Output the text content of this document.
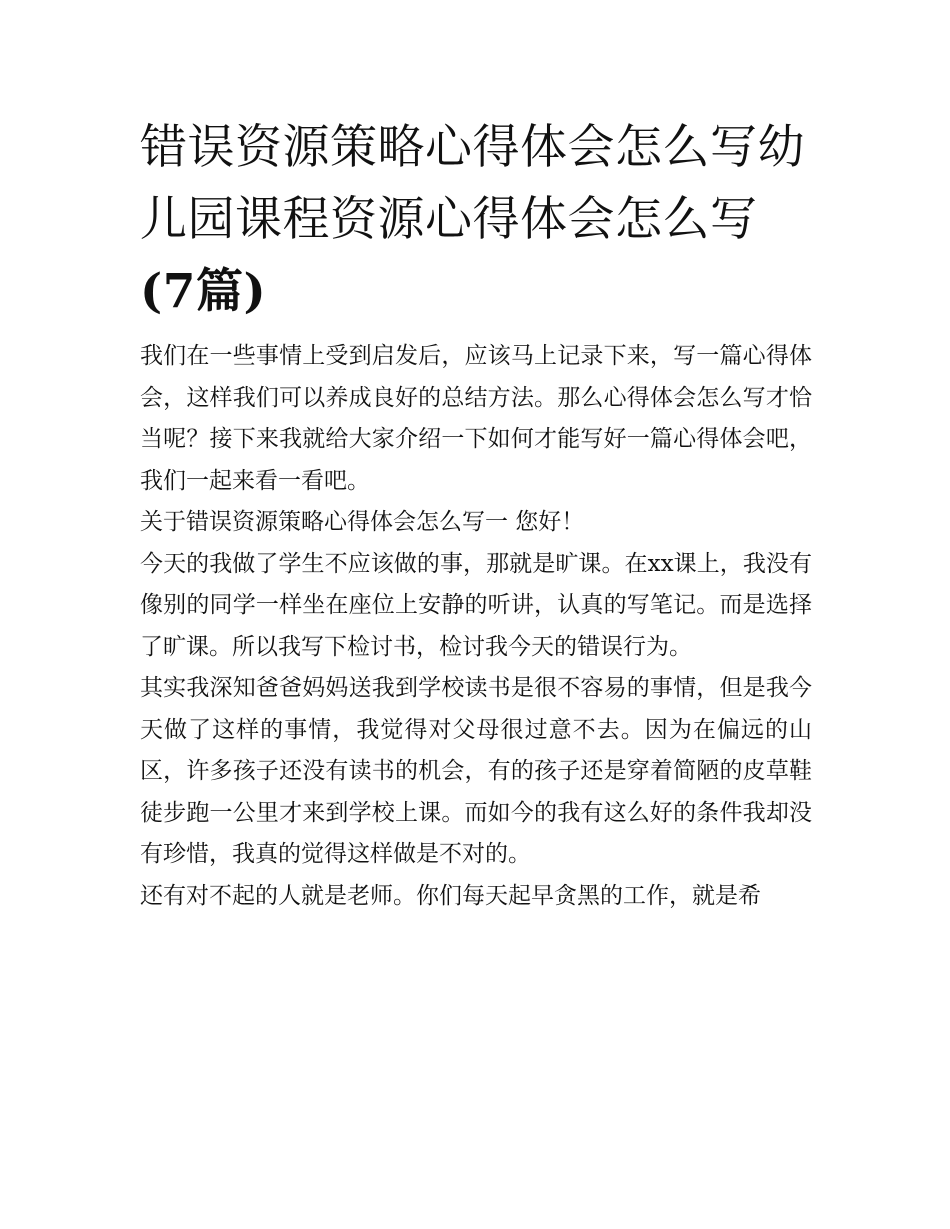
错误资源策略心得体会怎么写幼儿园课程资源心得体会怎么写(7篇)

我们在一些事情上受到启发后，应该马上记录下来，写一篇心得体会，这样我们可以养成良好的总结方法。那么心得体会怎么写才恰当呢？接下来我就给大家介绍一下如何才能写好一篇心得体会吧，我们一起来看一看吧。

关于错误资源策略心得体会怎么写一 您好！

今天的我做了学生不应该做的事，那就是旷课。在xx课上，我没有像别的同学一样坐在座位上安静的听讲，认真的写笔记。而是选择了旷课。所以我写下检讨书，检讨我今天的错误行为。

其实我深知爸爸妈妈送我到学校读书是很不容易的事情，但是我今天做了这样的事情，我觉得对父母很过意不去。因为在偏远的山区，许多孩子还没有读书的机会，有的孩子还是穿着简陋的皮草鞋徒步跑一公里才来到学校上课。而如今的我有这么好的条件我却没有珍惜，我真的觉得这样做是不对的。

还有对不起的人就是老师。你们每天起早贪黑的工作，就是希
